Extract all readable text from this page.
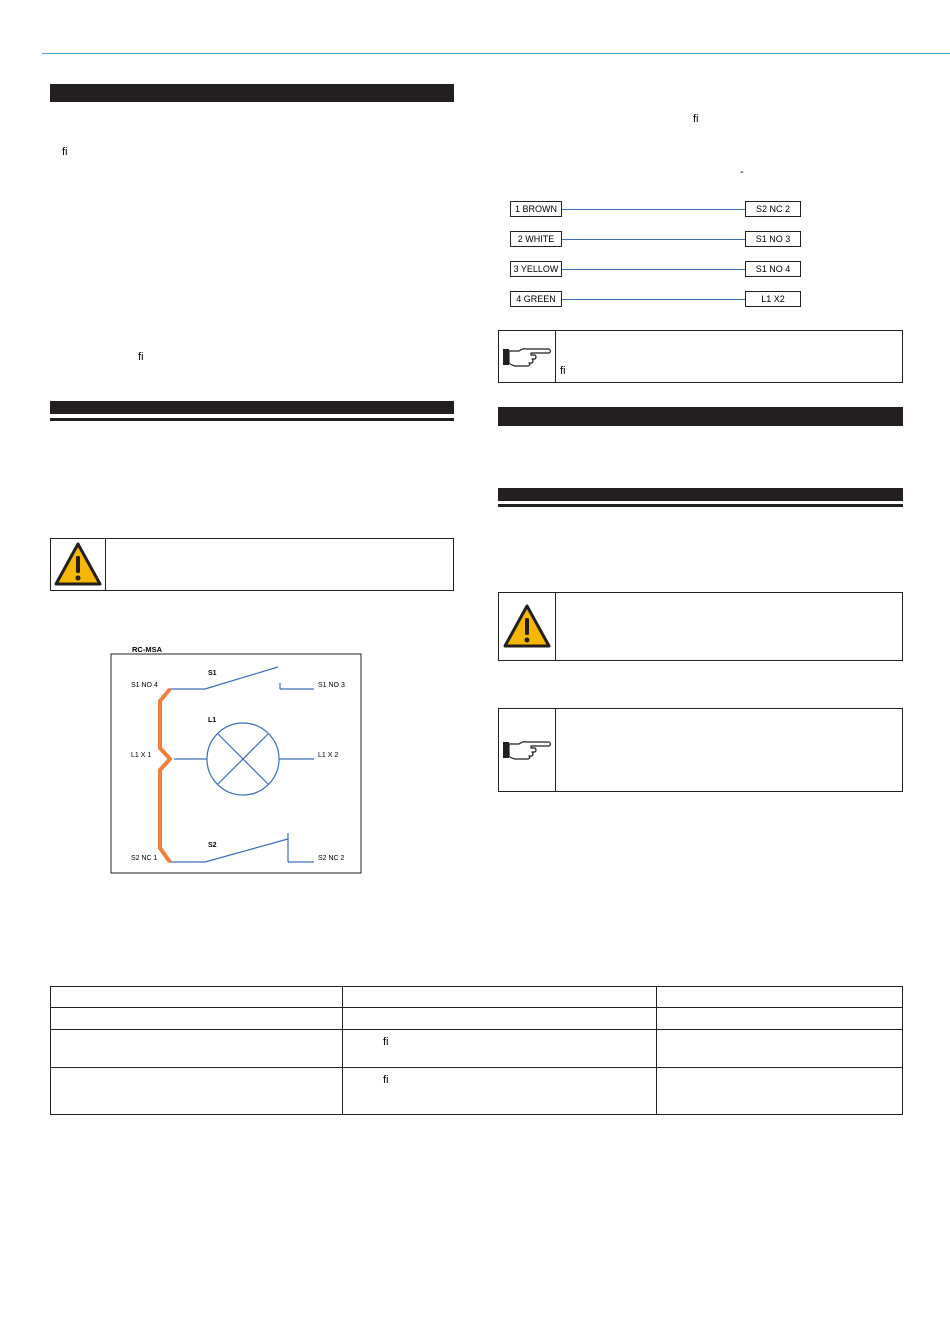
ﬁ
ﬁ
RC-MSA
S1
L1
S2
S1 NO 4	S1 NO 3
L1 X 1	L1 X 2
S2 NC 1	S2 NC 2
ﬁ
-
1 BROWN	S2 NC 2
2 WHITE	S1 NO 3
3 YELLOW	S1 NO 4
4 GREEN	L1 X2
ﬁ

	ﬁ	
	ﬁ	
